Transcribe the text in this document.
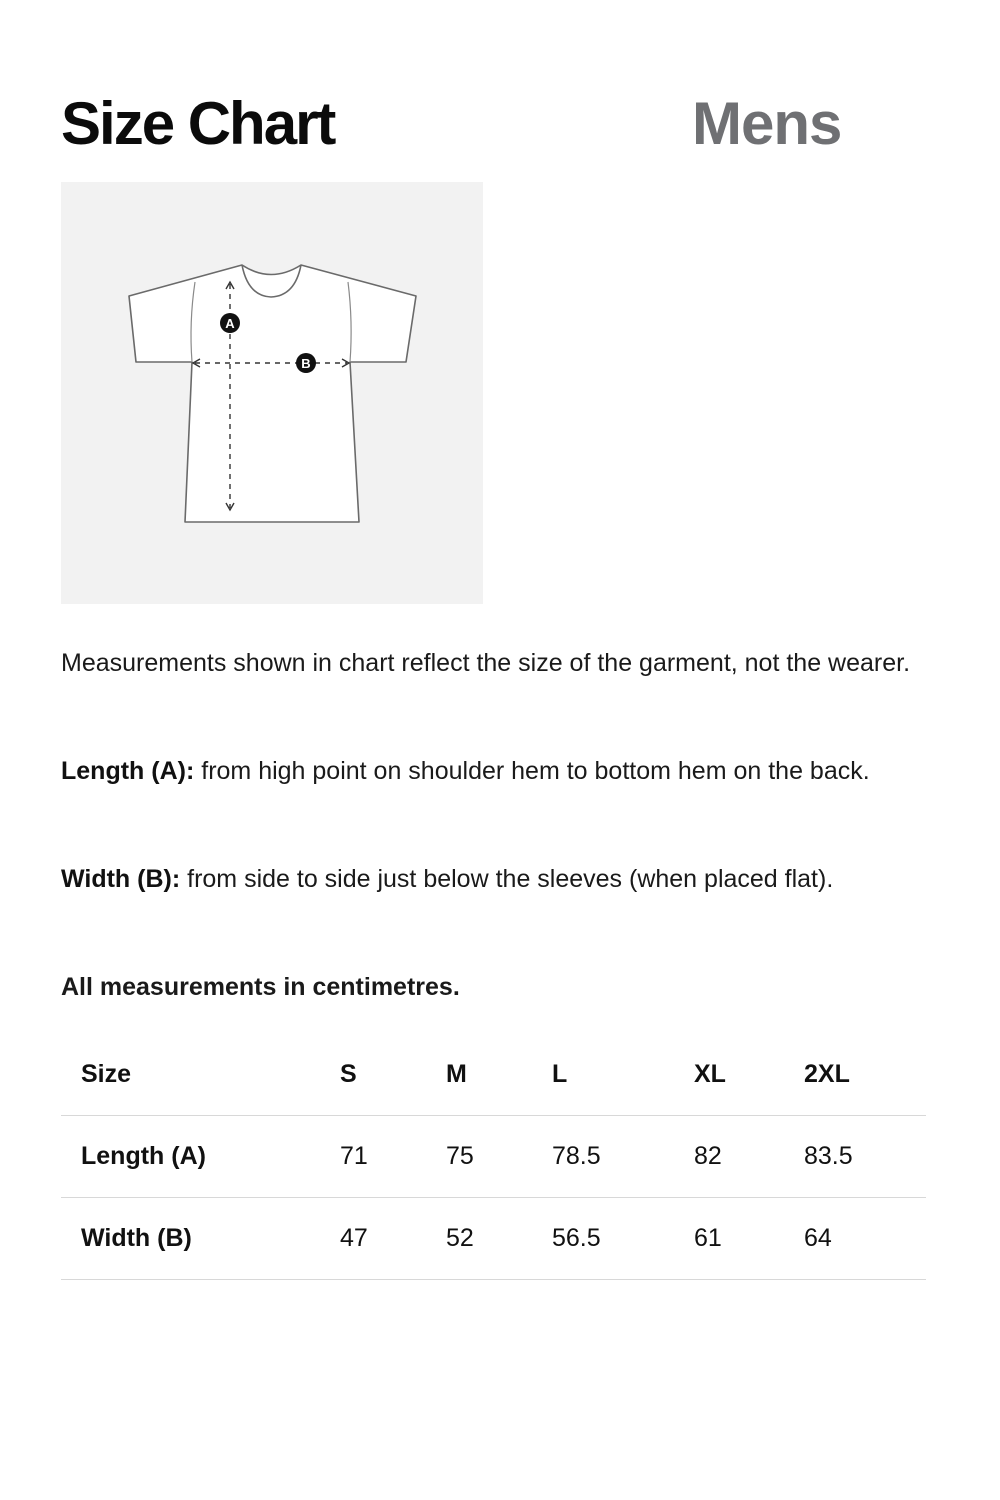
Size Chart	Mens
A
B

Measurements shown in chart reflect the size of the garment, not the wearer.

Length (A): from high point on shoulder hem to bottom hem on the back.

Width (B): from side to side just below the sleeves (when placed flat).

All measurements in centimetres.

Size	S	M	L	XL	2XL
Length (A)	71	75	78.5	82	83.5
Width (B)	47	52	56.5	61	64
